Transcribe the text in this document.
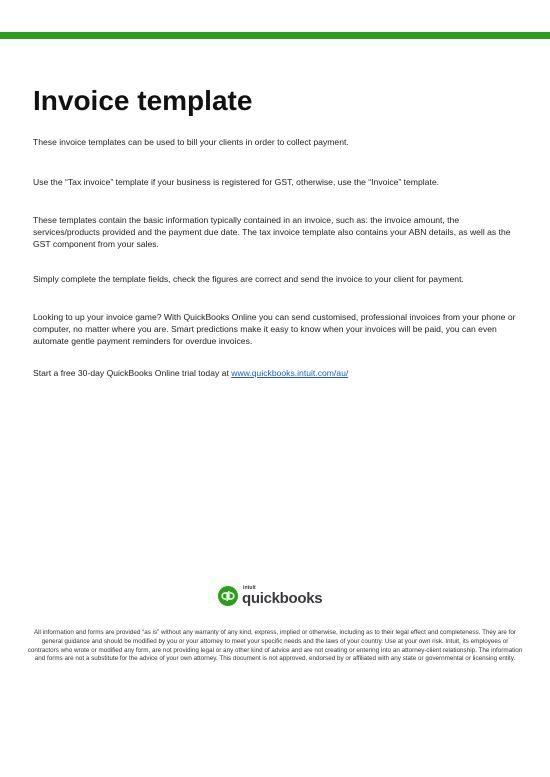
Invoice template

These invoice templates can be used to bill your clients in order to collect payment.

Use the “Tax invoice” template if your business is registered for GST, otherwise, use the “Invoice” template.

These templates contain the basic information typically contained in an invoice, such as: the invoice amount, the services/products provided and the payment due date. The tax invoice template also contains your ABN details, as well as the GST component from your sales.

Simply complete the template fields, check the figures are correct and send the invoice to your client for payment.

Looking to up your invoice game? With QuickBooks Online you can send customised, professional invoices from your phone or computer, no matter where you are. Smart predictions make it easy to know when your invoices will be paid, you can even automate gentle payment reminders for overdue invoices.

Start a free 30-day QuickBooks Online trial today at www.quickbooks.intuit.com/au/

intuit
quickbooks

All information and forms are provided “as is” without any warranty of any kind, express, implied or otherwise, including as to their legal effect and completeness. They are for general guidance and should be modified by you or your attorney to meet your specific needs and the laws of your country. Use at your own risk. Intuit, its employees or contractors who wrote or modified any form, are not providing legal or any other kind of advice and are not creating or entering into an attorney-client relationship. The information and forms are not a substitute for the advice of your own attorney. This document is not approved, endorsed by or affiliated with any state or governmental or licensing entity.
